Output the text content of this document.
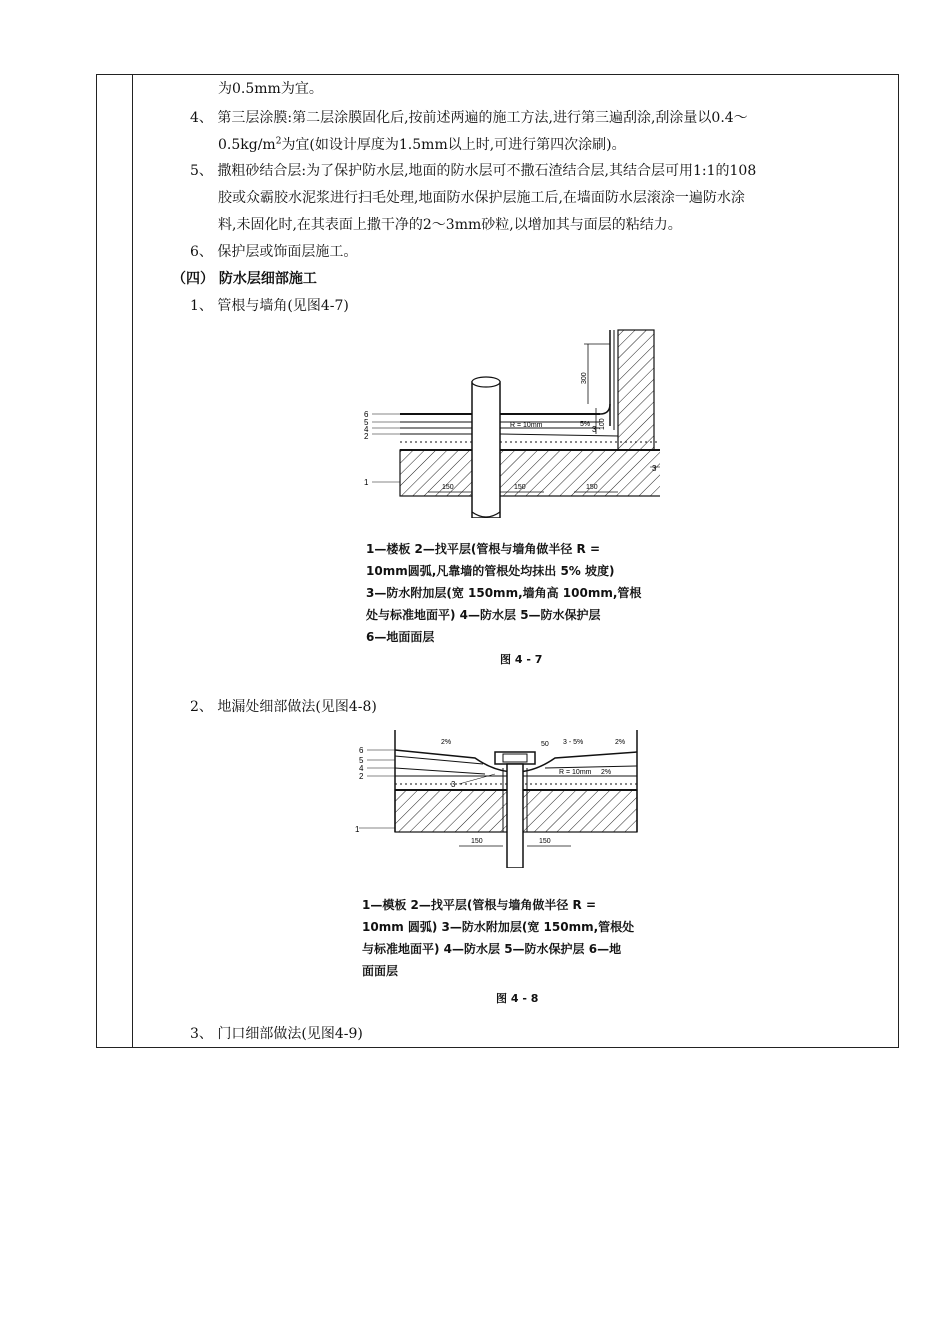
为0.5mm为宜。
4、 第三层涂膜:第二层涂膜固化后,按前述两遍的施工方法,进行第三遍刮涂,刮涂量以0.4～
$0.5kg/m^2$为宜(如设计厚度为1.5mm以上时,可进行第四次涂刷)。
5、 撒粗砂结合层:为了保护防水层,地面的防水层可不撒石渣结合层,其结合层可用1:1的108
胶或众霸胶水泥浆进行扫毛处理,地面防水保护层施工后,在墙面防水层滚涂一遍防水涂
料,未固化时,在其表面上撒干净的2～3mm砂粒,以增加其与面层的粘结力。
6、 保护层或饰面层施工。
（四） 防水层细部施工
1、 管根与墙角(见图4-7)
6
5
4
2
1
3
3
R = 10mm	5%
150	150	150
300
100
1—楼板 2—找平层(管根与墙角做半径 R =
10mm圆弧,凡靠墙的管根处均抹出 5% 坡度)
3—防水附加层(宽 150mm,墙角高 100mm,管根
处与标准地面平) 4—防水层 5—防水保护层
6—地面面层
图 4 - 7
2、 地漏处细部做法(见图4-8)
6
5
4
2
1
3
2%	50 3 - 5%	2%
R = 10mm 2%
150	150
1—模板 2—找平层(管根与墙角做半径 R =
10mm 圆弧) 3—防水附加层(宽 150mm,管根处
与标准地面平) 4—防水层 5—防水保护层 6—地
面面层
图 4 - 8
3、 门口细部做法(见图4-9)
